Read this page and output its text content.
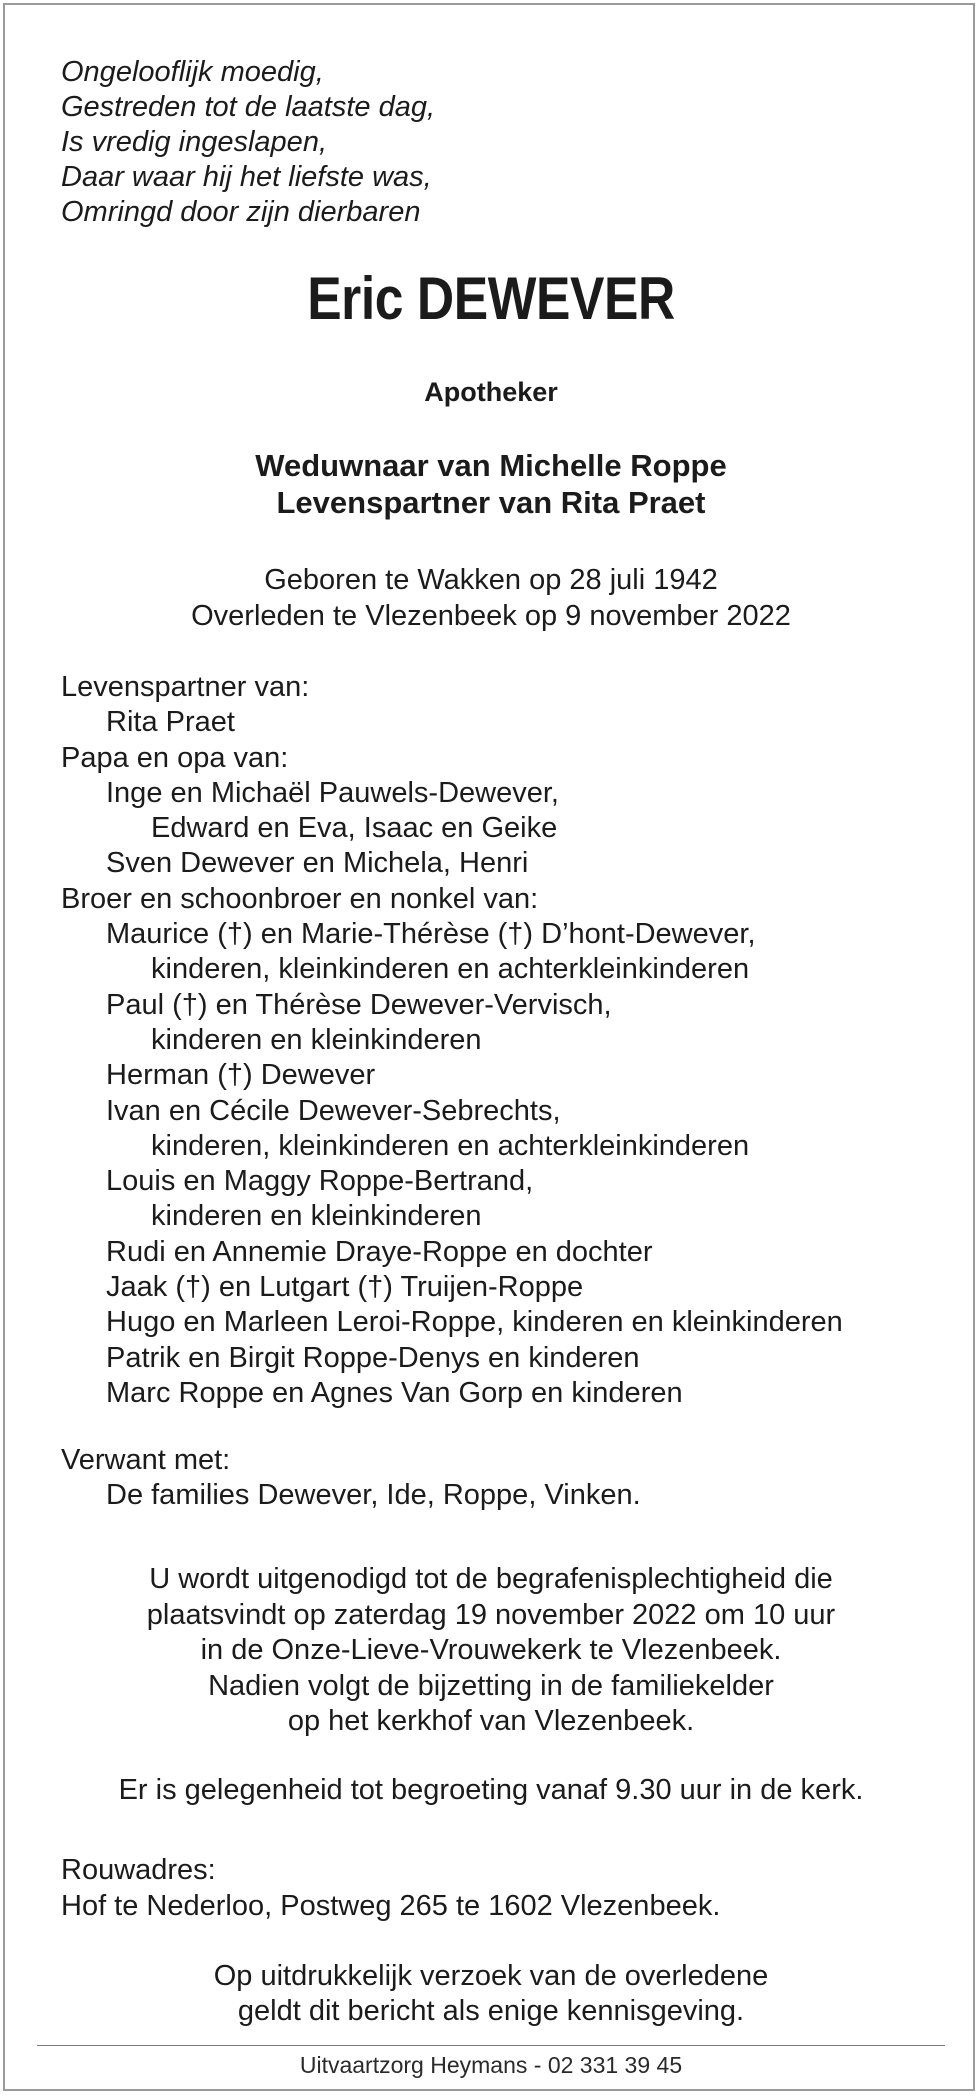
Ongelooflijk moedig,
Gestreden tot de laatste dag,
Is vredig ingeslapen,
Daar waar hij het liefste was,
Omringd door zijn dierbaren
Eric DEWEVER
Apotheker
Weduwnaar van Michelle Roppe
Levenspartner van Rita Praet
Geboren te Wakken op 28 juli 1942
Overleden te Vlezenbeek op 9 november 2022
Levenspartner van:
Rita Praet
Papa en opa van:
Inge en Michaël Pauwels-Dewever,
Edward en Eva, Isaac en Geike
Sven Dewever en Michela, Henri
Broer en schoonbroer en nonkel van:
Maurice (†) en Marie-Thérèse (†) D’hont-Dewever,
kinderen, kleinkinderen en achterkleinkinderen
Paul (†) en Thérèse Dewever-Vervisch,
kinderen en kleinkinderen
Herman (†) Dewever
Ivan en Cécile Dewever-Sebrechts,
kinderen, kleinkinderen en achterkleinkinderen
Louis en Maggy Roppe-Bertrand,
kinderen en kleinkinderen
Rudi en Annemie Draye-Roppe en dochter
Jaak (†) en Lutgart (†) Truijen-Roppe
Hugo en Marleen Leroi-Roppe, kinderen en kleinkinderen
Patrik en Birgit Roppe-Denys en kinderen
Marc Roppe en Agnes Van Gorp en kinderen
Verwant met:
De families Dewever, Ide, Roppe, Vinken.
U wordt uitgenodigd tot de begrafenisplechtigheid die
plaatsvindt op zaterdag 19 november 2022 om 10 uur
in de Onze-Lieve-Vrouwekerk te Vlezenbeek.
Nadien volgt de bijzetting in de familiekelder
op het kerkhof van Vlezenbeek.
Er is gelegenheid tot begroeting vanaf 9.30 uur in de kerk.
Rouwadres:
Hof te Nederloo, Postweg 265 te 1602 Vlezenbeek.
Op uitdrukkelijk verzoek van de overledene
geldt dit bericht als enige kennisgeving.
Uitvaartzorg Heymans - 02 331 39 45
